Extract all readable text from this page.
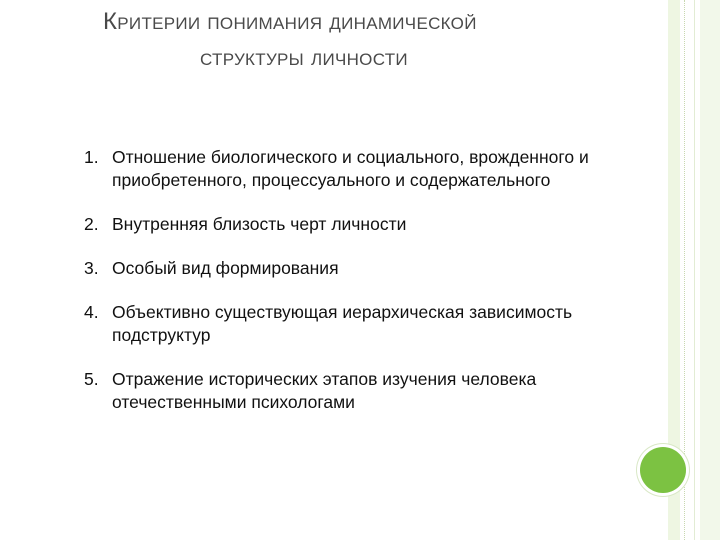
Критерии понимания динамической
структуры личности
1. Отношение биологического и социального, врожденного и приобретенного, процессуального и содержательного
2. Внутренняя близость черт личности
3. Особый вид формирования
4. Объективно существующая иерархическая зависимость подструктур
5. Отражение исторических этапов изучения человека отечественными психологами
